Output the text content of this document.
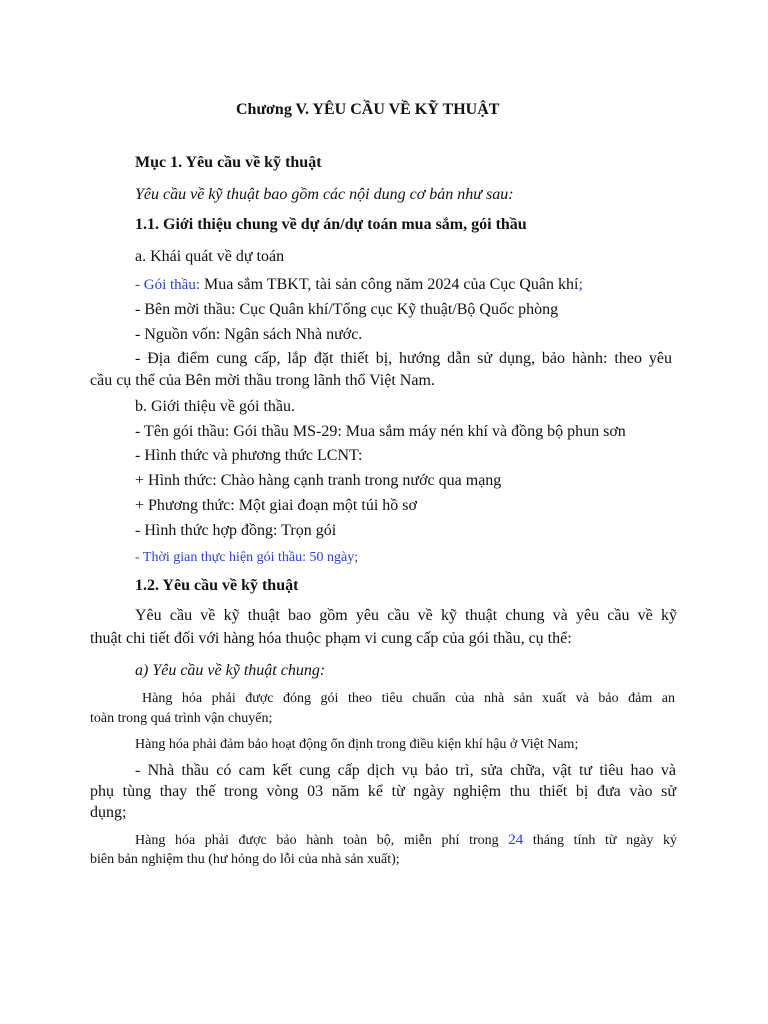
Chương V. YÊU CẦU VỀ KỸ THUẬT
Mục 1. Yêu cầu về kỹ thuật
Yêu cầu về kỹ thuật bao gồm các nội dung cơ bản như sau:
1.1. Giới thiệu chung về dự án/dự toán mua sắm, gói thầu
a. Khái quát về dự toán
- Gói thầu: Mua sắm TBKT, tài sản công năm 2024 của Cục Quân khí;
- Bên mời thầu: Cục Quân khí/Tổng cục Kỹ thuật/Bộ Quốc phòng
- Nguồn vốn: Ngân sách Nhà nước.
- Địa điểm cung cấp, lắp đặt thiết bị, hướng dẫn sử dụng, bảo hành: theo yêu
cầu cụ thể của Bên mời thầu trong lãnh thổ Việt Nam.
b. Giới thiệu về gói thầu.
- Tên gói thầu: Gói thầu MS-29: Mua sắm máy nén khí và đồng bộ phun sơn
- Hình thức và phương thức LCNT:
+ Hình thức: Chào hàng cạnh tranh trong nước qua mạng
+ Phương thức: Một giai đoạn một túi hồ sơ
- Hình thức hợp đồng: Trọn gói
- Thời gian thực hiện gói thầu: 50 ngày;
1.2. Yêu cầu về kỹ thuật
Yêu cầu về kỹ thuật bao gồm yêu cầu về kỹ thuật chung và yêu cầu về kỹ
thuật chi tiết đối với hàng hóa thuộc phạm vi cung cấp của gói thầu, cụ thể:
a) Yêu cầu về kỹ thuật chung:
Hàng hóa phải được đóng gói theo tiêu chuẩn của nhà sản xuất và bảo đảm an
toàn trong quá trình vận chuyển;
Hàng hóa phải đảm bảo hoạt động ổn định trong điều kiện khí hậu ở Việt Nam;
- Nhà thầu có cam kết cung cấp dịch vụ bảo trì, sửa chữa, vật tư tiêu hao và
phụ tùng thay thế trong vòng 03 năm kể từ ngày nghiệm thu thiết bị đưa vào sử
dụng;
Hàng hóa phải được bảo hành toàn bộ, miễn phí trong 24 tháng tính từ ngày ký
biên bản nghiệm thu (hư hỏng do lỗi của nhà sản xuất);
